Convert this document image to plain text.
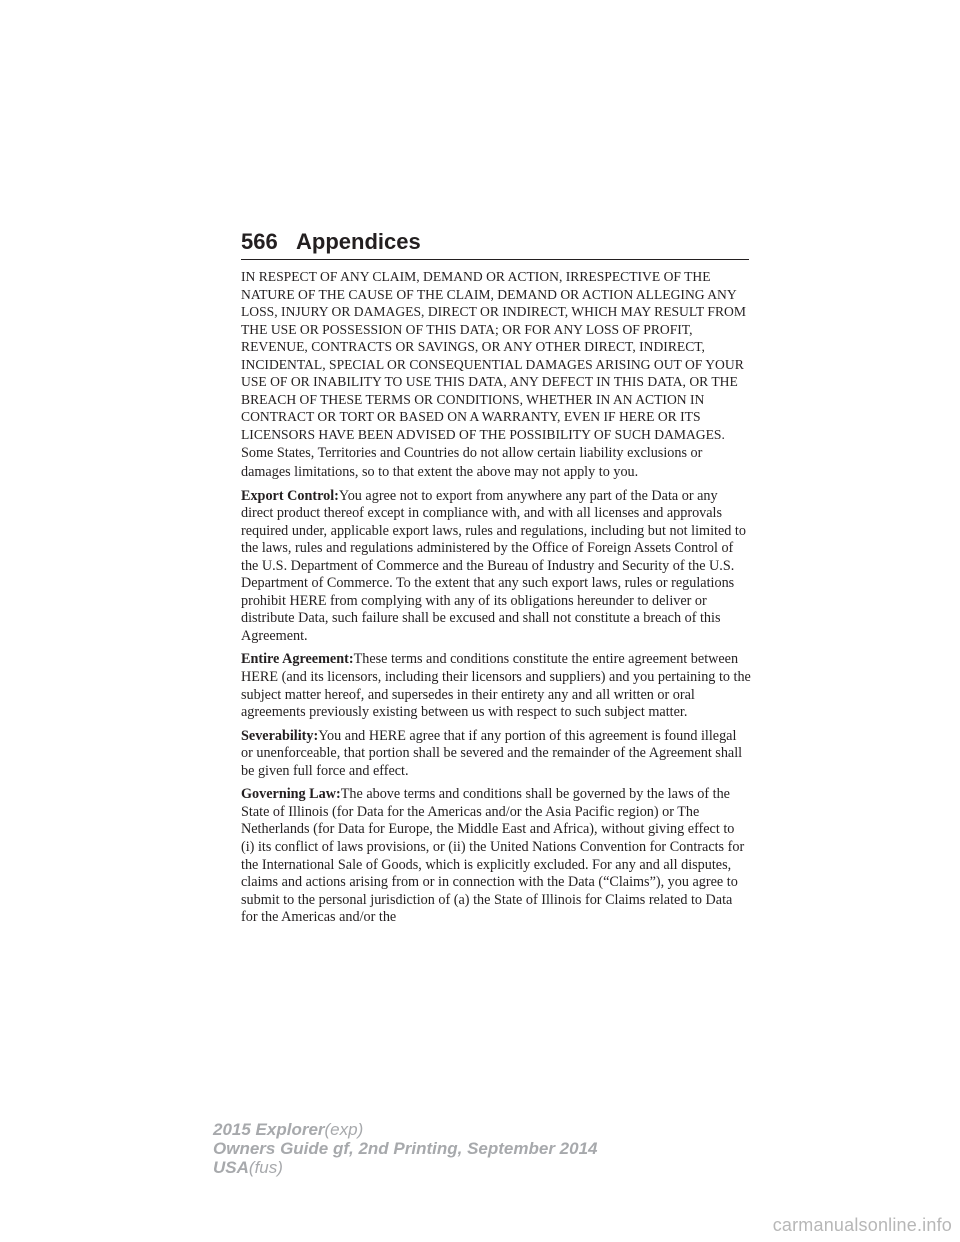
566 Appendices

IN RESPECT OF ANY CLAIM, DEMAND OR ACTION, IRRESPECTIVE OF THE NATURE OF THE CAUSE OF THE CLAIM, DEMAND OR ACTION ALLEGING ANY LOSS, INJURY OR DAMAGES, DIRECT OR INDIRECT, WHICH MAY RESULT FROM THE USE OR POSSESSION OF THIS DATA; OR FOR ANY LOSS OF PROFIT, REVENUE, CONTRACTS OR SAVINGS, OR ANY OTHER DIRECT, INDIRECT, INCIDENTAL, SPECIAL OR CONSEQUENTIAL DAMAGES ARISING OUT OF YOUR USE OF OR INABILITY TO USE THIS DATA, ANY DEFECT IN THIS DATA, OR THE BREACH OF THESE TERMS OR CONDITIONS, WHETHER IN AN ACTION IN CONTRACT OR TORT OR BASED ON A WARRANTY, EVEN IF HERE OR ITS LICENSORS HAVE BEEN ADVISED OF THE POSSIBILITY OF SUCH DAMAGES. Some States, Territories and Countries do not allow certain liability exclusions or damages limitations, so to that extent the above may not apply to you.

Export Control:You agree not to export from anywhere any part of the Data or any direct product thereof except in compliance with, and with all licenses and approvals required under, applicable export laws, rules and regulations, including but not limited to the laws, rules and regulations administered by the Office of Foreign Assets Control of the U.S. Department of Commerce and the Bureau of Industry and Security of the U.S. Department of Commerce. To the extent that any such export laws, rules or regulations prohibit HERE from complying with any of its obligations hereunder to deliver or distribute Data, such failure shall be excused and shall not constitute a breach of this Agreement.

Entire Agreement:These terms and conditions constitute the entire agreement between HERE (and its licensors, including their licensors and suppliers) and you pertaining to the subject matter hereof, and supersedes in their entirety any and all written or oral agreements previously existing between us with respect to such subject matter.

Severability:You and HERE agree that if any portion of this agreement is found illegal or unenforceable, that portion shall be severed and the remainder of the Agreement shall be given full force and effect.

Governing Law:The above terms and conditions shall be governed by the laws of the State of Illinois (for Data for the Americas and/or the Asia Pacific region) or The Netherlands (for Data for Europe, the Middle East and Africa), without giving effect to (i) its conflict of laws provisions, or (ii) the United Nations Convention for Contracts for the International Sale of Goods, which is explicitly excluded. For any and all disputes, claims and actions arising from or in connection with the Data (“Claims”), you agree to submit to the personal jurisdiction of (a) the State of Illinois for Claims related to Data for the Americas and/or the

2015 Explorer(exp)
Owners Guide gf, 2nd Printing, September 2014
USA(fus)
carmanualsonline.info
